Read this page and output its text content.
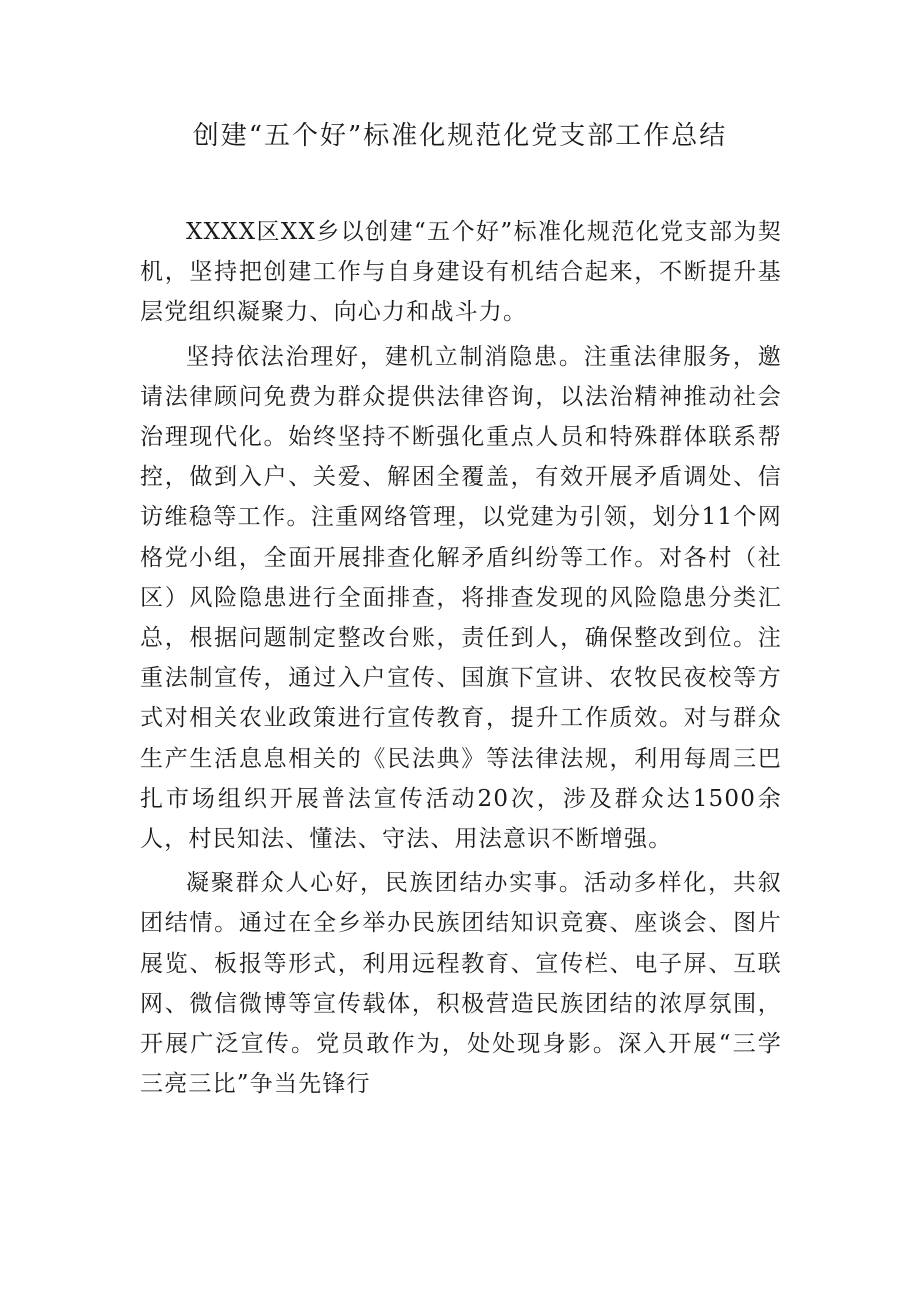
创建“五个好”标准化规范化党支部工作总结

XXXX区XX乡以创建“五个好”标准化规范化党支部为契机，坚持把创建工作与自身建设有机结合起来，不断提升基层党组织凝聚力、向心力和战斗力。

坚持依法治理好，建机立制消隐患。注重法律服务，邀请法律顾问免费为群众提供法律咨询，以法治精神推动社会治理现代化。始终坚持不断强化重点人员和特殊群体联系帮控，做到入户、关爱、解困全覆盖，有效开展矛盾调处、信访维稳等工作。注重网络管理，以党建为引领，划分11个网格党小组，全面开展排查化解矛盾纠纷等工作。对各村（社区）风险隐患进行全面排查，将排查发现的风险隐患分类汇总，根据问题制定整改台账，责任到人，确保整改到位。注重法制宣传，通过入户宣传、国旗下宣讲、农牧民夜校等方式对相关农业政策进行宣传教育，提升工作质效。对与群众生产生活息息相关的《民法典》等法律法规，利用每周三巴扎市场组织开展普法宣传活动20次，涉及群众达1500余人，村民知法、懂法、守法、用法意识不断增强。

凝聚群众人心好，民族团结办实事。活动多样化，共叙团结情。通过在全乡举办民族团结知识竞赛、座谈会、图片展览、板报等形式，利用远程教育、宣传栏、电子屏、互联网、微信微博等宣传载体，积极营造民族团结的浓厚氛围，开展广泛宣传。党员敢作为，处处现身影。深入开展“三学三亮三比”争当先锋行
